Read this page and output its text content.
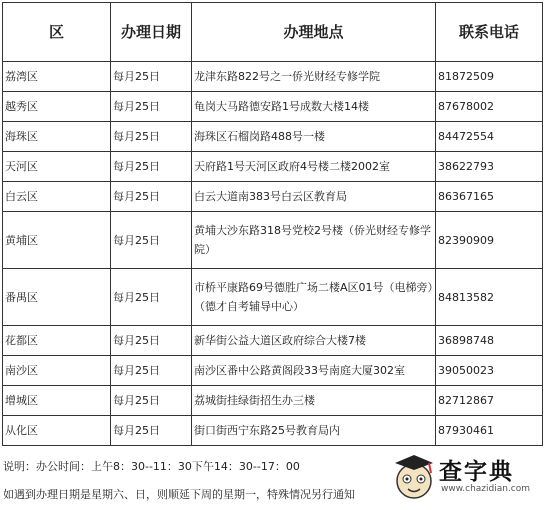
区	办理日期	办理地点	联系电话
荔湾区	每月25日	龙津东路822号之一侨光财经专修学院	81872509
越秀区	每月25日	龟岗大马路德安路1号成数大楼14楼	87678002
海珠区	每月25日	海珠区石榴岗路488号一楼	84472554
天河区	每月25日	天府路1号天河区政府4号楼二楼2002室	38622793
白云区	每月25日	白云大道南383号白云区教育局	86367165
黄埔区	每月25日	黄埔大沙东路318号党校2号楼（侨光财经专修学院）	82390909
番禺区	每月25日	市桥平康路69号德胜广场二楼A区01号（电梯旁）（德才自考辅导中心）	84813582
花都区	每月25日	新华街公益大道区政府综合大楼7楼	36898748
南沙区	每月25日	南沙区番中公路黄阁段33号南庭大厦302室	39050023
增城区	每月25日	荔城街挂绿街招生办三楼	82712867
从化区	每月25日	街口街西宁东路25号教育局内	87930461
说明：办公时间：上午8：30--11：30下午14：30--17：00
如遇到办理日期是星期六、日，则顺延下周的星期一，特殊情况另行通知
查字典
www.chazidian.com
